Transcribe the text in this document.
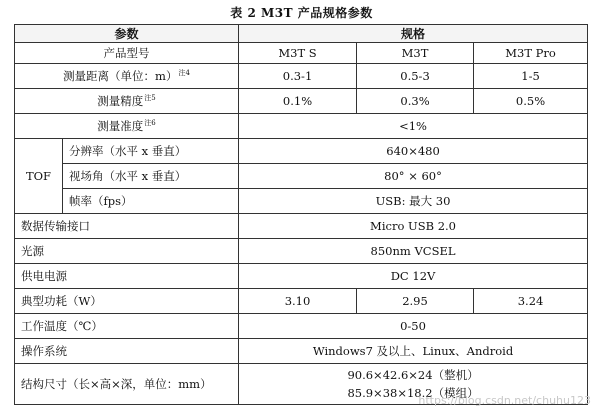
表 2 M3T 产品规格参数
参数		规格		
产品型号		M3T S	M3T	M3T Pro
测量距离（单位：m）$^{注4}$		0.3-1	0.5-3	1-5
测量精度$^{注5}$		0.1%	0.3%	0.5%
测量准度$^{注6}$		<1%		
TOF	分辨率（水平 x 垂直）	640×480		
	视场角（水平 x 垂直）	80° × 60°		
	帧率（fps）	USB: 最大 30		
数据传输接口		Micro USB 2.0		
光源		850nm VCSEL		
供电电源		DC 12V		
典型功耗（W）		3.10	2.95	3.24
工作温度（℃）		0-50		
操作系统		Windows7 及以上、Linux、Android		
结构尺寸（长×高×深，单位：mm）		90.6×42.6×24（整机）
85.9×38×18.2（模组）		
https://blog.csdn.net/chuhu123
